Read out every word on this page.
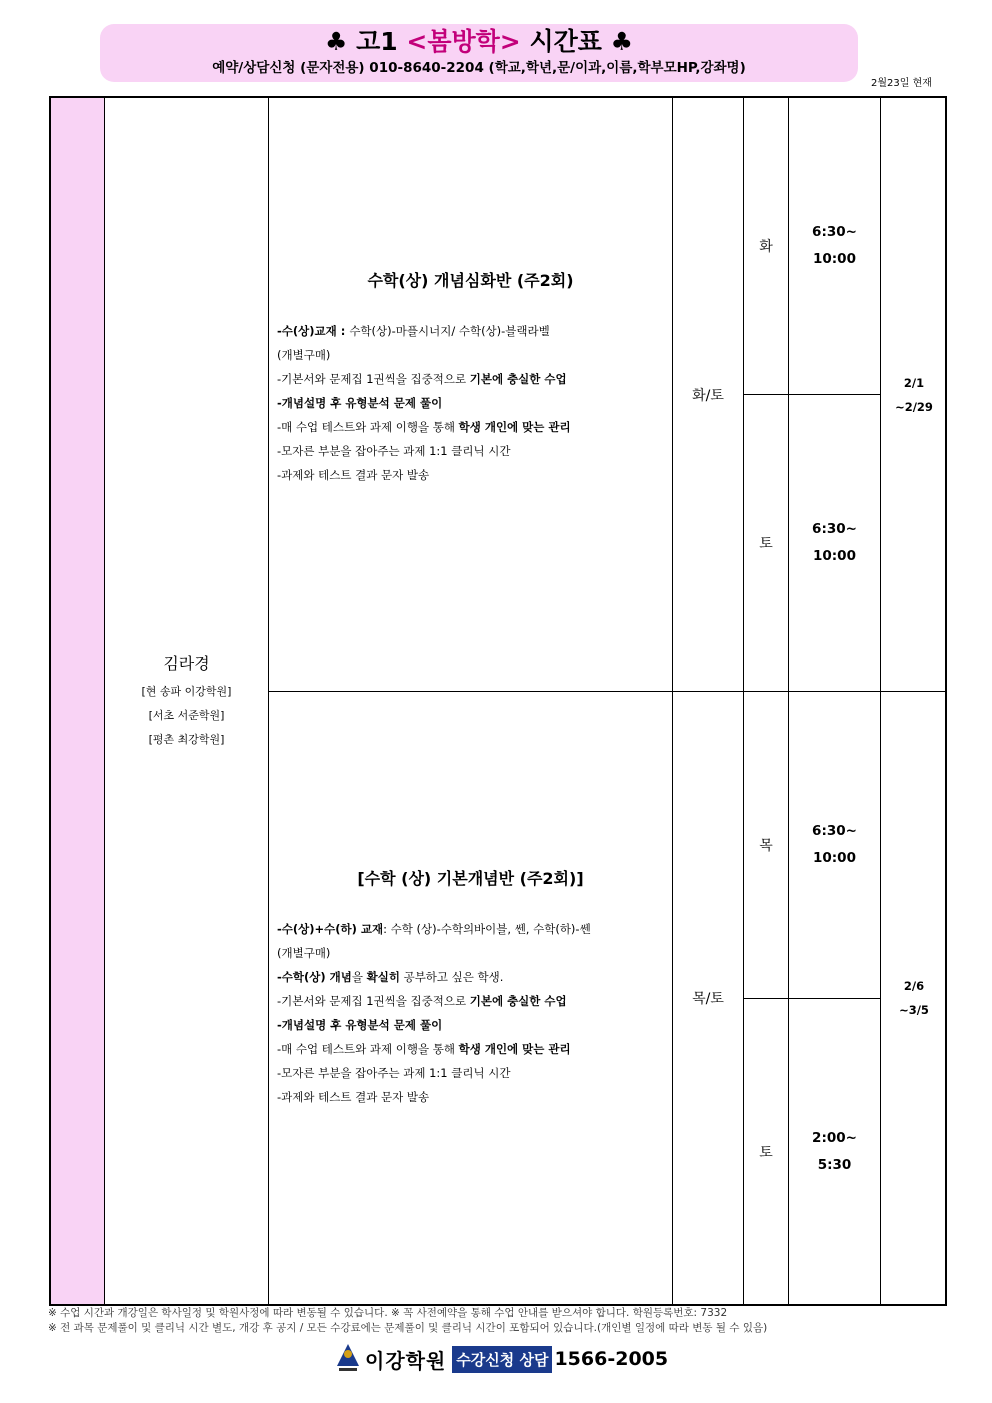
♣ 고1 <봄방학> 시간표 ♣
예약/상담신청 (문자전용) 010-8640-2204 (학교,학년,문/이과,이름,학부모HP,강좌명)
2월23일 현재
김라경
[현 송파 이강학원]
[서초 서준학원]
[평촌 최강학원]
수학(상) 개념심화반 (주2회)
-수(상)교재 : 수학(상)-마플시너지/ 수학(상)-블랙라벨
(개별구매)
-기본서와 문제집 1권씩을 집중적으로 기본에 충실한 수업
-개념설명 후 유형분석 문제 풀이
-매 수업 테스트와 과제 이행을 통해 학생 개인에 맞는 관리
-모자른 부분을 잡아주는 과제 1:1 클리닉 시간
-과제와 테스트 결과 문자 발송
화/토
화
6:30~
10:00
토
6:30~
10:00
2/1
~2/29
[수학 (상) 기본개념반 (주2회)]
-수(상)+수(하) 교재: 수학 (상)-수학의바이블, 쎈, 수학(하)-쎈
(개별구매)
-수학(상) 개념을 확실히 공부하고 싶은 학생.
-기본서와 문제집 1권씩을 집중적으로 기본에 충실한 수업
-개념설명 후 유형분석 문제 풀이
-매 수업 테스트와 과제 이행을 통해 학생 개인에 맞는 관리
-모자른 부분을 잡아주는 과제 1:1 클리닉 시간
-과제와 테스트 결과 문자 발송
목/토
목
6:30~
10:00
토
2:00~
5:30
2/6
~3/5
※ 수업 시간과 개강일은 학사일정 및 학원사정에 따라 변동될 수 있습니다. ※ 꼭 사전예약을 통해 수업 안내를 받으셔야 합니다. 학원등록번호: 7332
※ 전 과목 문제풀이 및 클리닉 시간 별도, 개강 후 공지 / 모든 수강료에는 문제풀이 및 클리닉 시간이 포함되어 있습니다.(개인별 일정에 따라 변동 될 수 있음)
이강학원 수강신청 상담 1566-2005
